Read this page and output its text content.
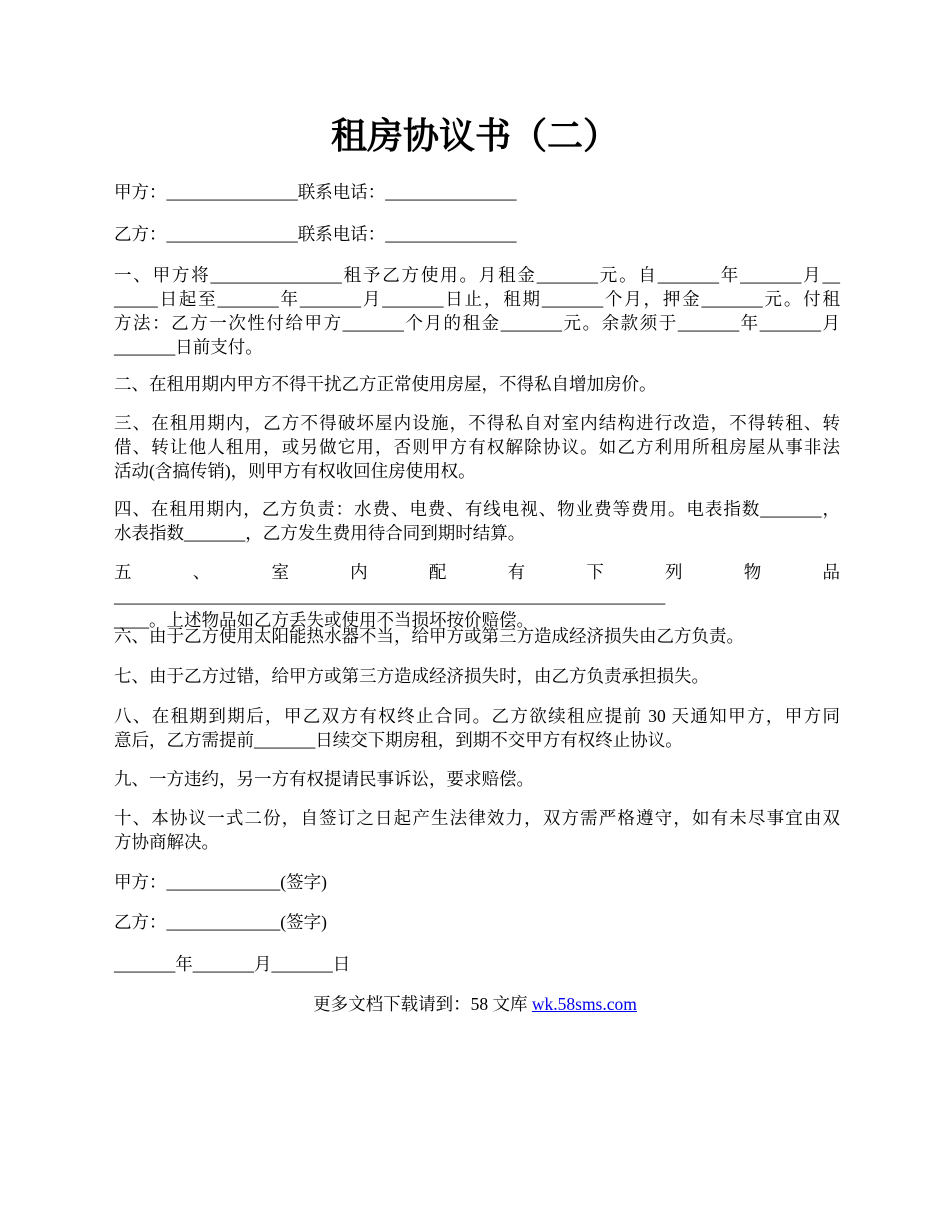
租房协议书（二）
甲方：_______________联系电话：_______________
乙方：_______________联系电话：_______________
一、甲方将_______________租予乙方使用。月租金_______元。自_______年_______月__
_____日起至_______年_______月_______日止，租期_______个月，押金_______元。付租
方法：乙方一次性付给甲方_______个月的租金_______元。余款须于_______年_______月
_______日前支付。
二、在租用期内甲方不得干扰乙方正常使用房屋，不得私自增加房价。
三、在租用期内，乙方不得破坏屋内设施，不得私自对室内结构进行改造，不得转租、转
借、转让他人租用，或另做它用，否则甲方有权解除协议。如乙方利用所租房屋从事非法
活动(含搞传销)，则甲方有权收回住房使用权。
四、在租用期内，乙方负责：水费、电费、有线电视、物业费等费用。电表指数_______，
水表指数_______，乙方发生费用待合同到期时结算。
五、室内配有下列物品_______________________________________________________________
____。上述物品如乙方丢失或使用不当损坏按价赔偿。
六、由于乙方使用太阳能热水器不当，给甲方或第三方造成经济损失由乙方负责。
七、由于乙方过错，给甲方或第三方造成经济损失时，由乙方负责承担损失。
八、在租期到期后，甲乙双方有权终止合同。乙方欲续租应提前 30 天通知甲方，甲方同
意后，乙方需提前_______日续交下期房租，到期不交甲方有权终止协议。
九、一方违约，另一方有权提请民事诉讼，要求赔偿。
十、本协议一式二份，自签订之日起产生法律效力，双方需严格遵守，如有未尽事宜由双
方协商解决。
甲方：_____________(签字)
乙方：_____________(签字)
_______年_______月_______日
更多文档下载请到：58 文库 wk.58sms.com
